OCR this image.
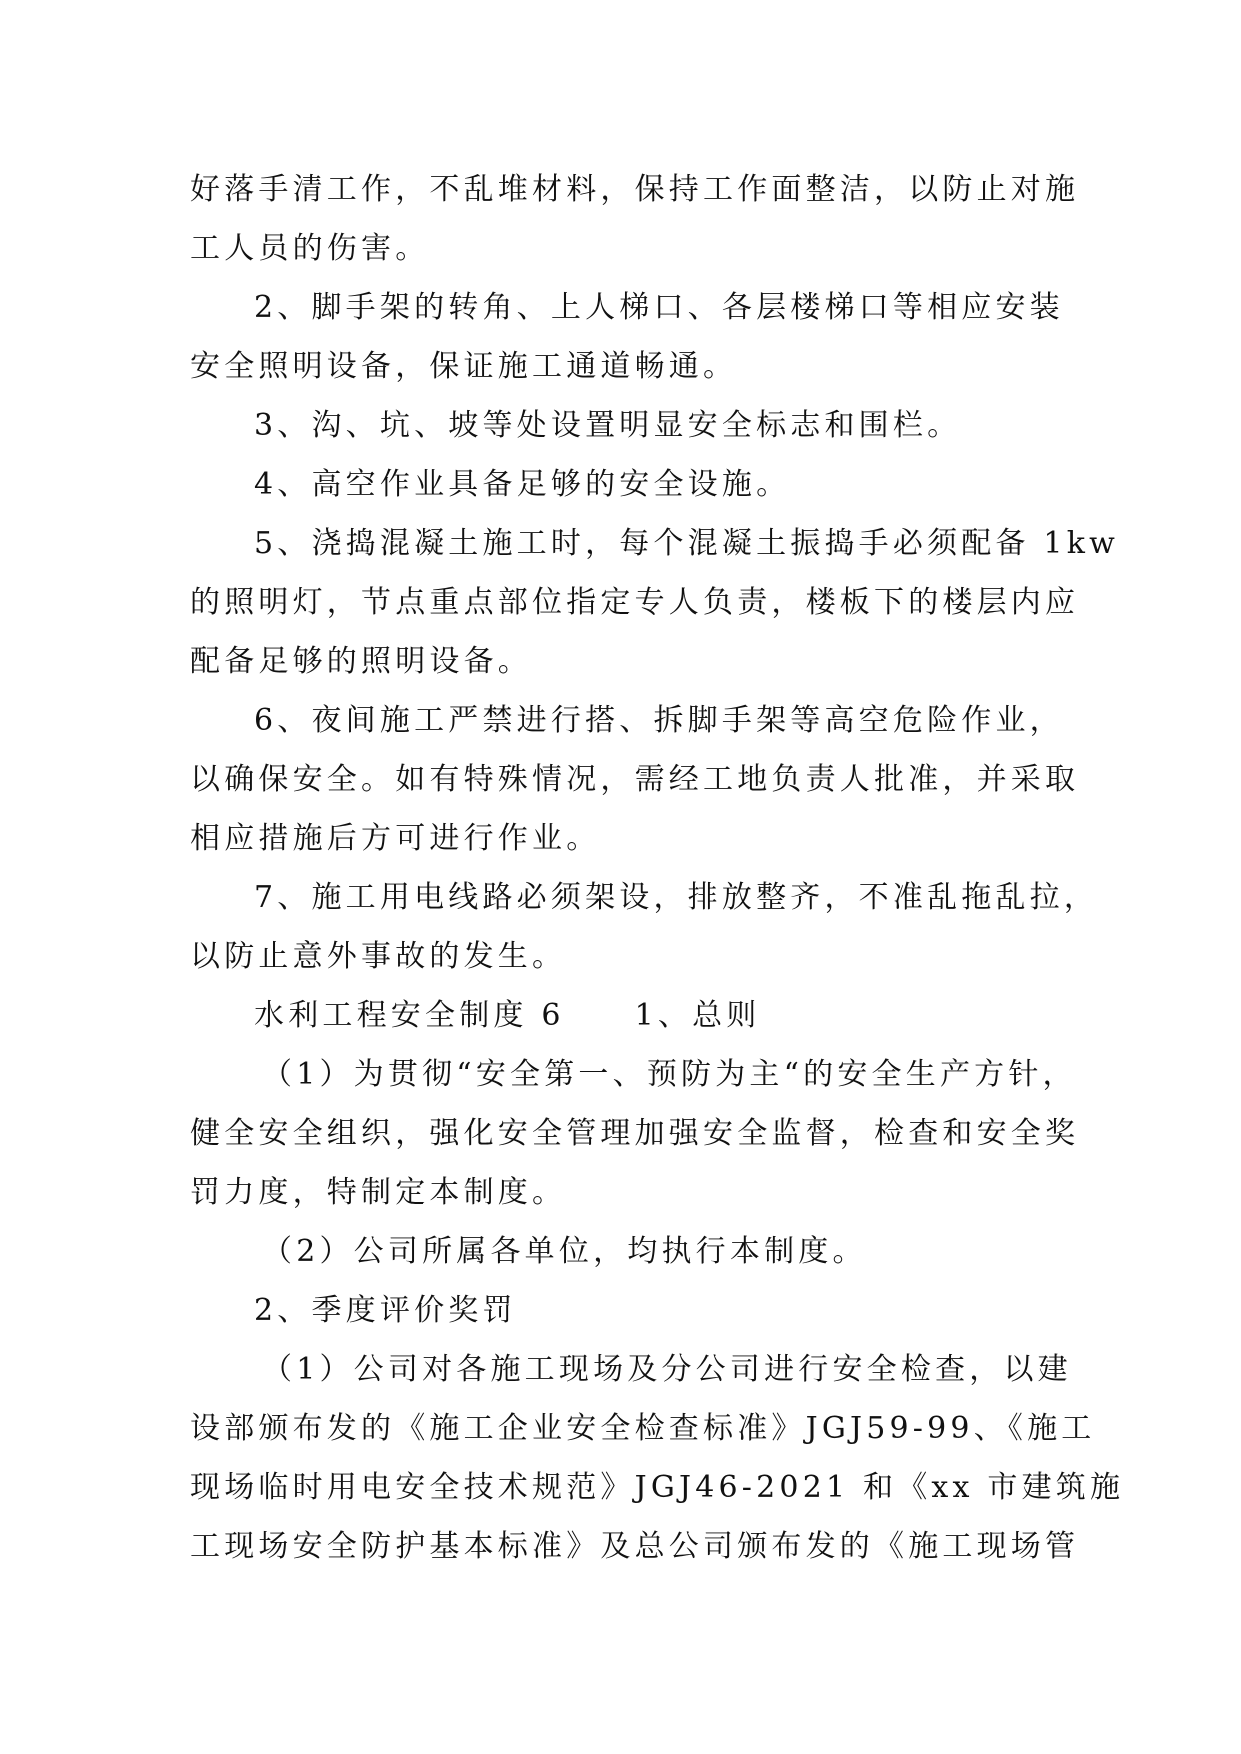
好落手清工作，不乱堆材料，保持工作面整洁，以防止对施
工人员的伤害。
2、脚手架的转角、上人梯口、各层楼梯口等相应安装
安全照明设备，保证施工通道畅通。
3、沟、坑、坡等处设置明显安全标志和围栏。
4、高空作业具备足够的安全设施。
5、浇捣混凝土施工时，每个混凝土振捣手必须配备 1kw
的照明灯，节点重点部位指定专人负责，楼板下的楼层内应
配备足够的照明设备。
6、夜间施工严禁进行搭、拆脚手架等高空危险作业，
以确保安全。如有特殊情况，需经工地负责人批准，并采取
相应措施后方可进行作业。
7、施工用电线路必须架设，排放整齐，不准乱拖乱拉，
以防止意外事故的发生。
水利工程安全制度 6 1、总则
（1）为贯彻“安全第一、预防为主“的安全生产方针，
健全安全组织，强化安全管理加强安全监督，检查和安全奖
罚力度，特制定本制度。
（2）公司所属各单位，均执行本制度。
2、季度评价奖罚
（1）公司对各施工现场及分公司进行安全检查，以建
设部颁布发的《施工企业安全检查标准》JGJ59-99、《施工
现场临时用电安全技术规范》JGJ46-2021 和《xx 市建筑施
工现场安全防护基本标准》及总公司颁布发的《施工现场管
